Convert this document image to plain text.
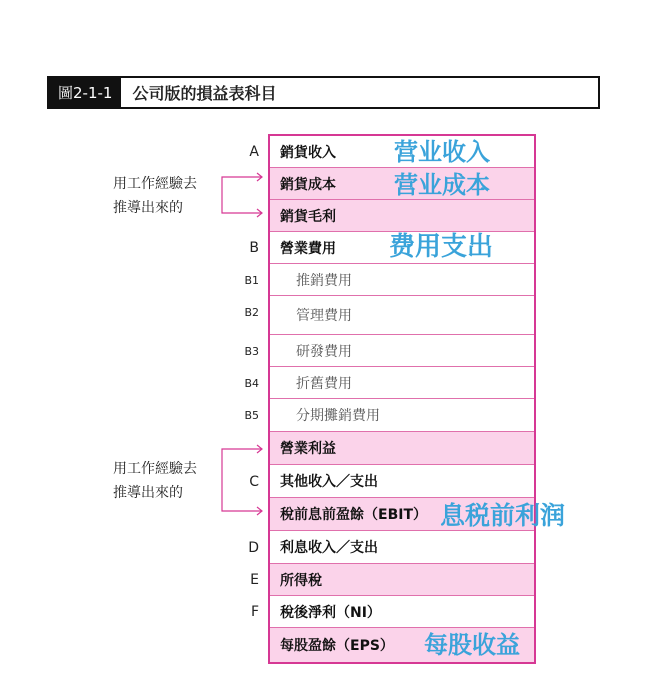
圖2-1-1	公司版的損益表科目
A
B
B1
B2
B3
B4
B5
C
D
E
F
用工作經驗去
推導出來的
用工作經驗去
推導出來的
銷貨收入
銷貨成本
銷貨毛利
營業費用
推銷費用
管理費用
研發費用
折舊費用
分期攤銷費用
營業利益
其他收入／支出
稅前息前盈餘（EBIT）
利息收入／支出
所得稅
稅後淨利（NI）
每股盈餘（EPS）
营业收入
营业成本
费用支出
息税前利润
每股收益
